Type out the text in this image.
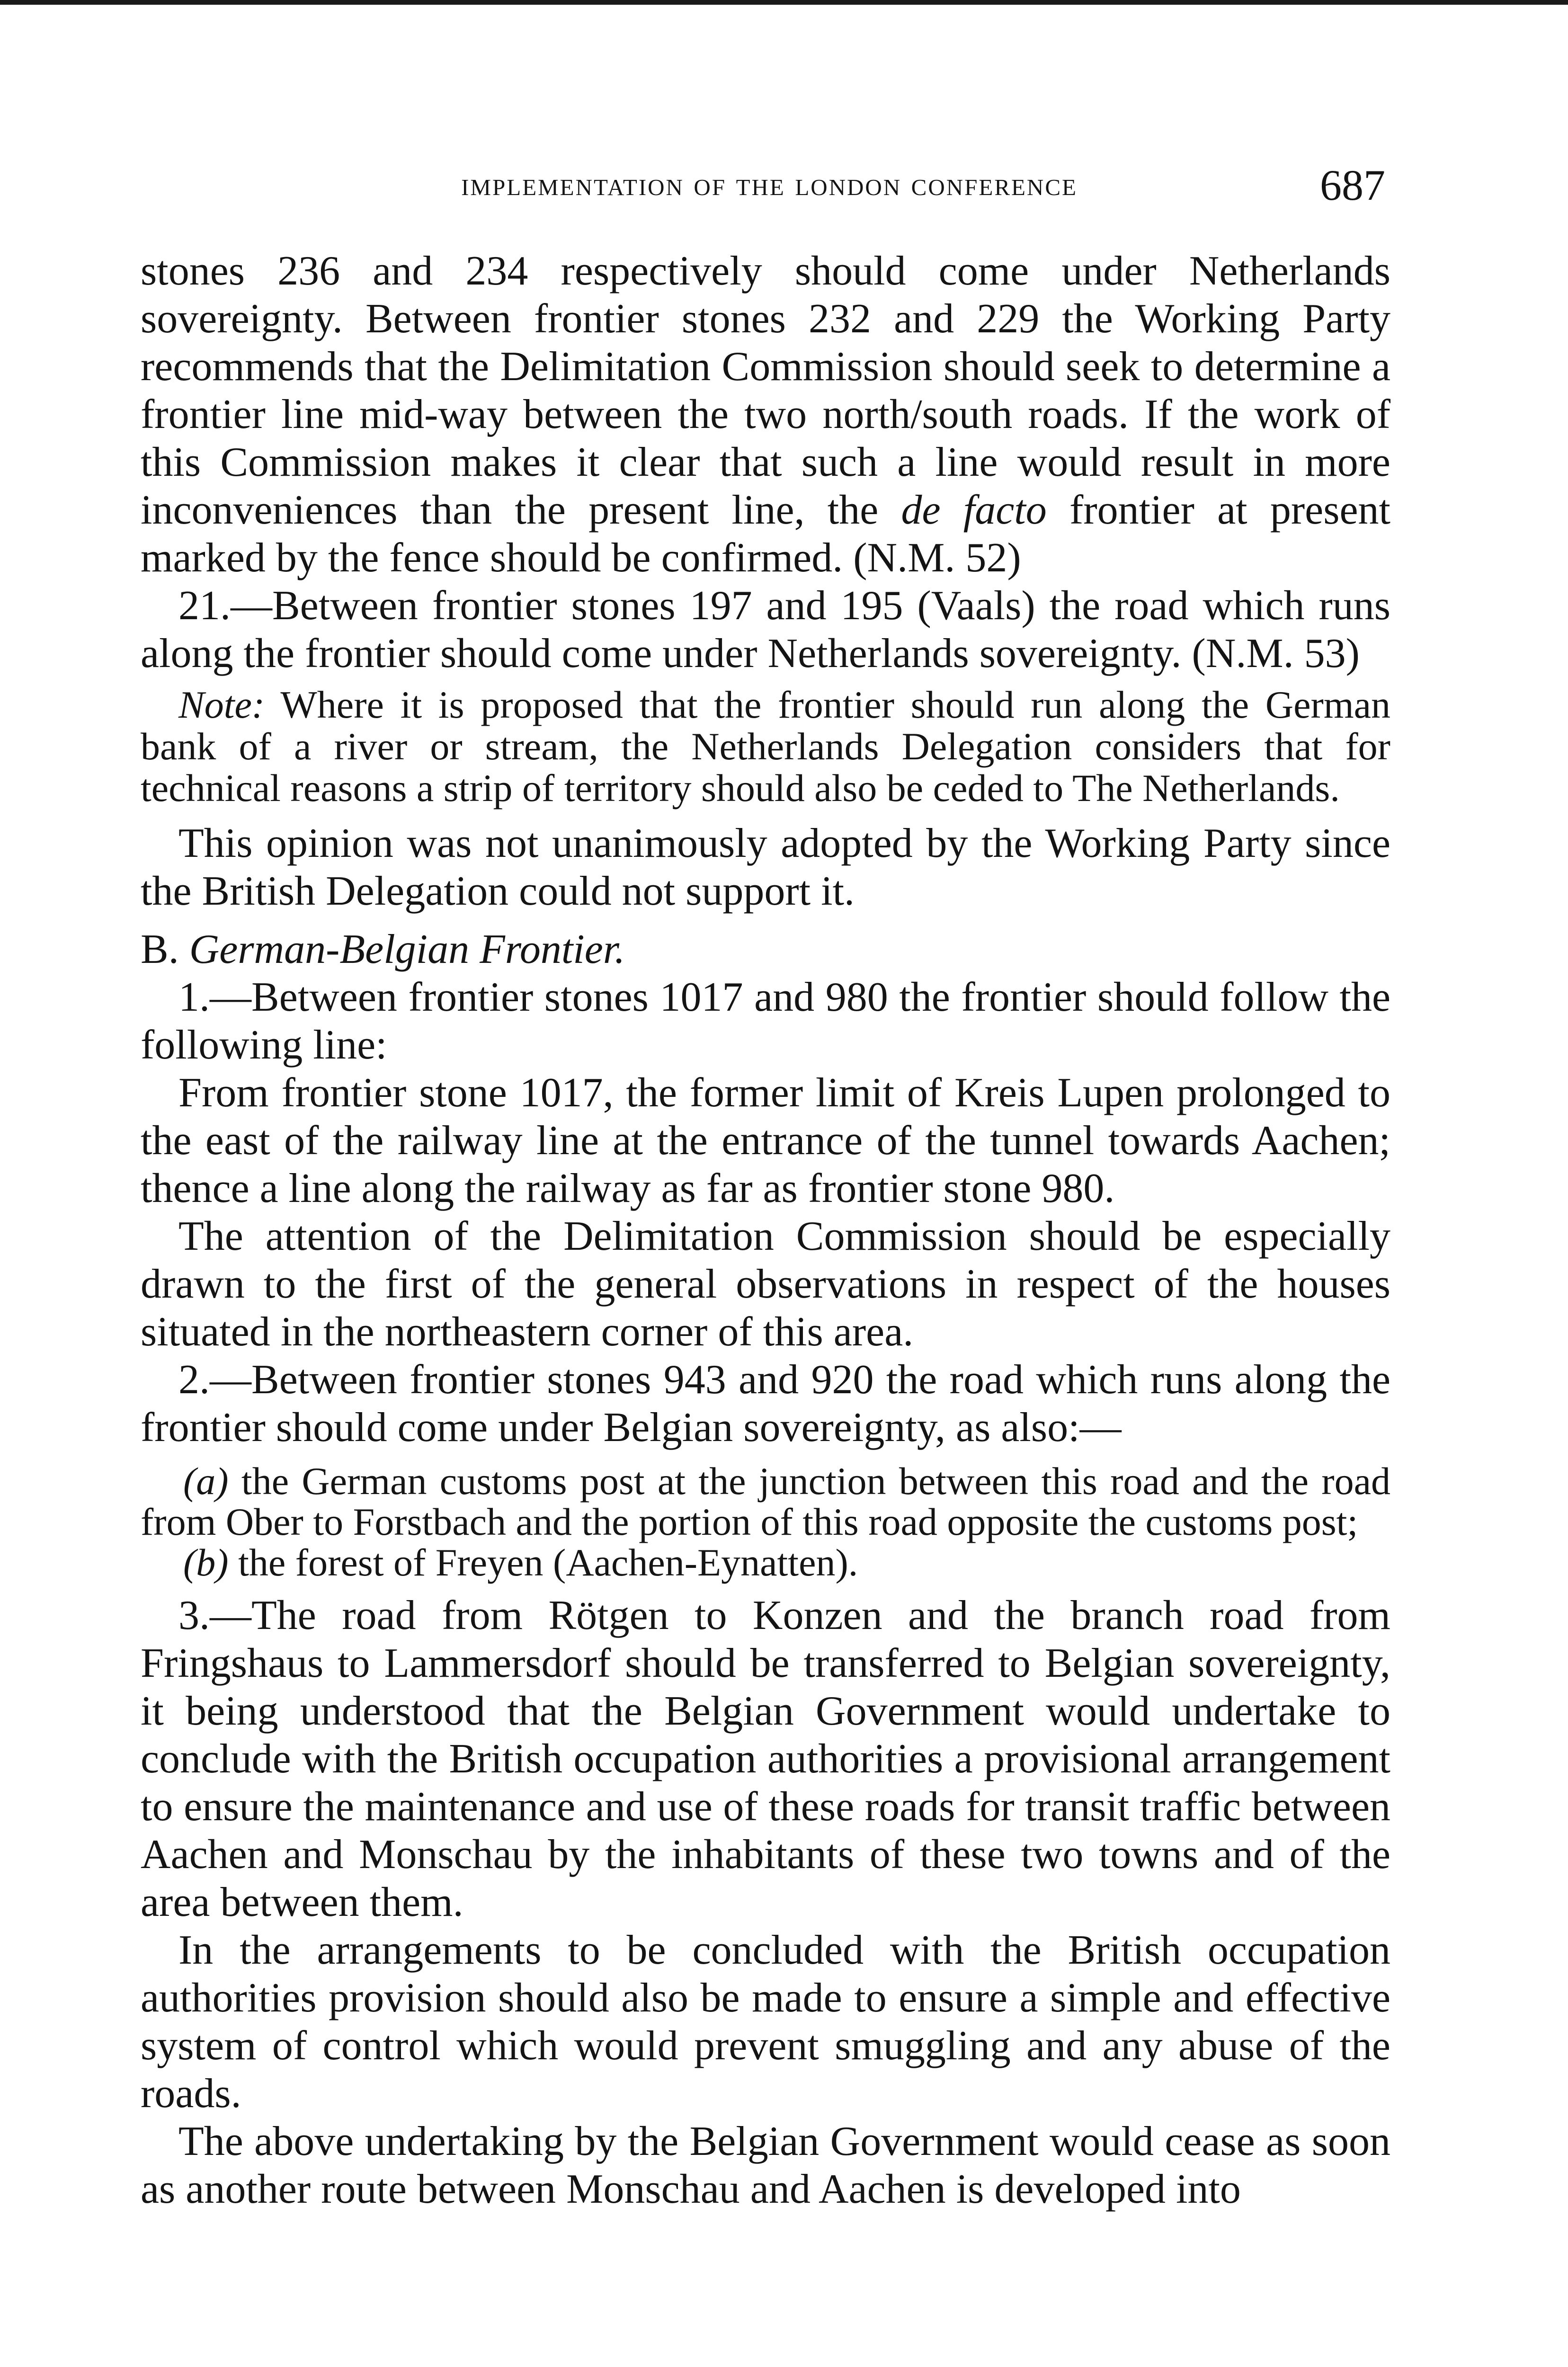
implementation of the london conference	687

stones 236 and 234 respectively should come under Netherlands sovereignty. Between frontier stones 232 and 229 the Working Party recommends that the Delimitation Commission should seek to determine a frontier line mid-way between the two north/south roads. If the work of this Commission makes it clear that such a line would result in more inconveniences than the present line, the de facto frontier at present marked by the fence should be confirmed. (N.M. 52)

21.—Between frontier stones 197 and 195 (Vaals) the road which runs along the frontier should come under Netherlands sovereignty. (N.M. 53)

Note: Where it is proposed that the frontier should run along the German bank of a river or stream, the Netherlands Delegation considers that for technical reasons a strip of territory should also be ceded to The Netherlands.

This opinion was not unanimously adopted by the Working Party since the British Delegation could not support it.

B. German-Belgian Frontier.

1.—Between frontier stones 1017 and 980 the frontier should follow the following line:

From frontier stone 1017, the former limit of Kreis Lupen prolonged to the east of the railway line at the entrance of the tunnel towards Aachen; thence a line along the railway as far as frontier stone 980.

The attention of the Delimitation Commission should be especially drawn to the first of the general observations in respect of the houses situated in the northeastern corner of this area.

2.—Between frontier stones 943 and 920 the road which runs along the frontier should come under Belgian sovereignty, as also:—

(a) the German customs post at the junction between this road and the road from Ober to Forstbach and the portion of this road opposite the customs post;

(b) the forest of Freyen (Aachen-Eynatten).

3.—The road from Rötgen to Konzen and the branch road from Fringshaus to Lammersdorf should be transferred to Belgian sovereignty, it being understood that the Belgian Government would undertake to conclude with the British occupation authorities a provisional arrangement to ensure the maintenance and use of these roads for transit traffic between Aachen and Monschau by the inhabitants of these two towns and of the area between them.

In the arrangements to be concluded with the British occupation authorities provision should also be made to ensure a simple and effective system of control which would prevent smuggling and any abuse of the roads.

The above undertaking by the Belgian Government would cease as soon as another route between Monschau and Aachen is developed into
